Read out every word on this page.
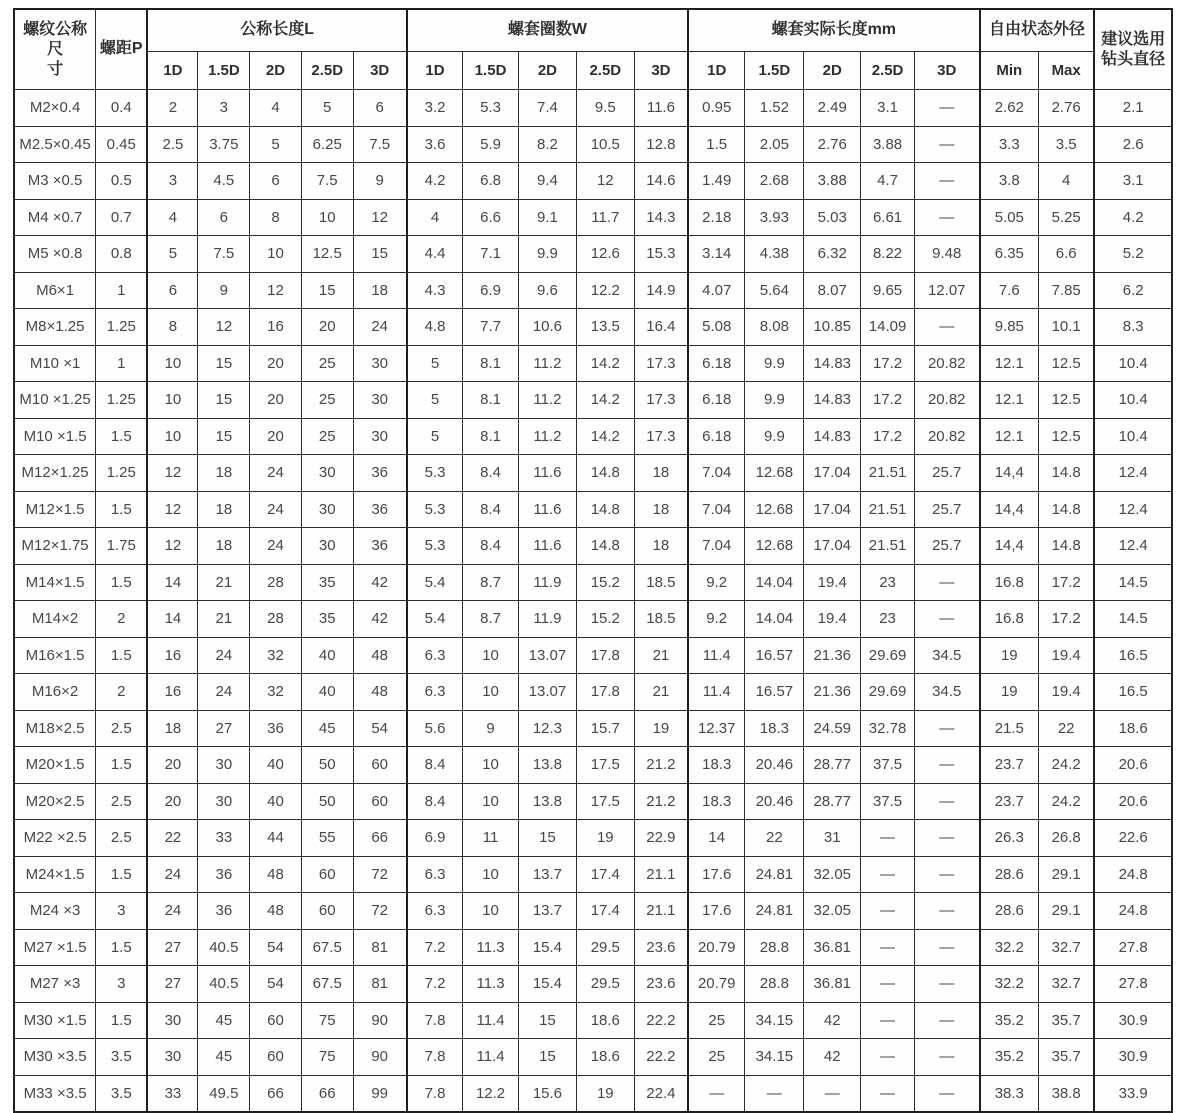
螺纹公称尺
寸
	螺距P	公称长度L	螺套圈数W	螺套实际长度mm	自由状态外径	
建议选用
钻头直径

		1D	1.5D	2D	2.5D	3D	1D	1.5D	2D	2.5D	3D	1D	1.5D	2D	2.5D	3D	Min	Max	
M2×0.4	0.4	2	3	4	5	6	3.2	5.3	7.4	9.5	11.6	0.95	1.52	2.49	3.1	—	2.62	2.76	2.1
M2.5×0.45	0.45	2.5	3.75	5	6.25	7.5	3.6	5.9	8.2	10.5	12.8	1.5	2.05	2.76	3.88	—	3.3	3.5	2.6
M3 ×0.5	0.5	3	4.5	6	7.5	9	4.2	6.8	9.4	12	14.6	1.49	2.68	3.88	4.7	—	3.8	4	3.1
M4 ×0.7	0.7	4	6	8	10	12	4	6.6	9.1	11.7	14.3	2.18	3.93	5.03	6.61	—	5.05	5.25	4.2
M5 ×0.8	0.8	5	7.5	10	12.5	15	4.4	7.1	9.9	12.6	15.3	3.14	4.38	6.32	8.22	9.48	6.35	6.6	5.2
M6×1	1	6	9	12	15	18	4.3	6.9	9.6	12.2	14.9	4.07	5.64	8.07	9.65	12.07	7.6	7.85	6.2
M8×1.25	1.25	8	12	16	20	24	4.8	7.7	10.6	13.5	16.4	5.08	8.08	10.85	14.09	—	9.85	10.1	8.3
M10 ×1	1	10	15	20	25	30	5	8.1	11.2	14.2	17.3	6.18	9.9	14.83	17.2	20.82	12.1	12.5	10.4
M10 ×1.25	1.25	10	15	20	25	30	5	8.1	11.2	14.2	17.3	6.18	9.9	14.83	17.2	20.82	12.1	12.5	10.4
M10 ×1.5	1.5	10	15	20	25	30	5	8.1	11.2	14.2	17.3	6.18	9.9	14.83	17.2	20.82	12.1	12.5	10.4
M12×1.25	1.25	12	18	24	30	36	5.3	8.4	11.6	14.8	18	7.04	12.68	17.04	21.51	25.7	14,4	14.8	12.4
M12×1.5	1.5	12	18	24	30	36	5.3	8.4	11.6	14.8	18	7.04	12.68	17.04	21.51	25.7	14,4	14.8	12.4
M12×1.75	1.75	12	18	24	30	36	5.3	8.4	11.6	14.8	18	7.04	12.68	17.04	21.51	25.7	14,4	14.8	12.4
M14×1.5	1.5	14	21	28	35	42	5.4	8.7	11.9	15.2	18.5	9.2	14.04	19.4	23	—	16.8	17.2	14.5
M14×2	2	14	21	28	35	42	5.4	8.7	11.9	15.2	18.5	9.2	14.04	19.4	23	—	16.8	17.2	14.5
M16×1.5	1.5	16	24	32	40	48	6.3	10	13.07	17.8	21	11.4	16.57	21.36	29.69	34.5	19	19.4	16.5
M16×2	2	16	24	32	40	48	6.3	10	13.07	17.8	21	11.4	16.57	21.36	29.69	34.5	19	19.4	16.5
M18×2.5	2.5	18	27	36	45	54	5.6	9	12.3	15.7	19	12.37	18.3	24.59	32.78	—	21.5	22	18.6
M20×1.5	1.5	20	30	40	50	60	8.4	10	13.8	17.5	21.2	18.3	20.46	28.77	37.5	—	23.7	24.2	20.6
M20×2.5	2.5	20	30	40	50	60	8.4	10	13.8	17.5	21.2	18.3	20.46	28.77	37.5	—	23.7	24.2	20.6
M22 ×2.5	2.5	22	33	44	55	66	6.9	11	15	19	22.9	14	22	31	—	—	26.3	26.8	22.6
M24×1.5	1.5	24	36	48	60	72	6.3	10	13.7	17.4	21.1	17.6	24.81	32.05	—	—	28.6	29.1	24.8
M24 ×3	3	24	36	48	60	72	6.3	10	13.7	17.4	21.1	17.6	24.81	32.05	—	—	28.6	29.1	24.8
M27 ×1.5	1.5	27	40.5	54	67.5	81	7.2	11.3	15.4	29.5	23.6	20.79	28.8	36.81	—	—	32.2	32.7	27.8
M27 ×3	3	27	40.5	54	67.5	81	7.2	11.3	15.4	29.5	23.6	20.79	28.8	36.81	—	—	32.2	32.7	27.8
M30 ×1.5	1.5	30	45	60	75	90	7.8	11.4	15	18.6	22.2	25	34.15	42	—	—	35.2	35.7	30.9
M30 ×3.5	3.5	30	45	60	75	90	7.8	11.4	15	18.6	22.2	25	34.15	42	—	—	35.2	35.7	30.9
M33 ×3.5	3.5	33	49.5	66	66	99	7.8	12.2	15.6	19	22.4	—	—	—	—	—	38.3	38.8	33.9
